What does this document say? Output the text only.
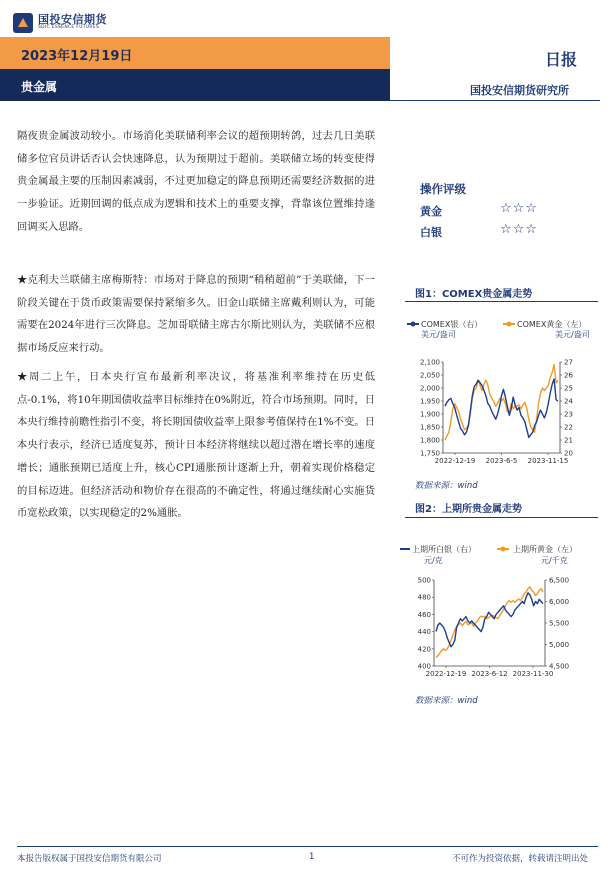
国投安信期货
SDIC ESSENCE FUTURES
2023年12月19日	日报
贵金属	国投安信期货研究所
隔夜贵金属波动较小。市场消化美联储利率会议的超预期转鸽，过去几日美联储多位官员讲话否认会快速降息，认为预期过于超前。美联储立场的转变使得贵金属最主要的压制因素减弱，不过更加稳定的降息预期还需要经济数据的进一步验证。近期回调的低点成为逻辑和技术上的重要支撑，背靠该位置维持逢回调买入思路。
★克利夫兰联储主席梅斯特：市场对于降息的预期“稍稍超前”于美联储，下一阶段关键在于货币政策需要保持紧缩多久。旧金山联储主席戴利则认为，可能需要在2024年进行三次降息。芝加哥联储主席古尔斯比则认为，美联储不应根据市场反应来行动。
★周二上午，日本央行宣布最新利率决议，将基准利率维持在历史低点-0.1%，将10年期国债收益率目标维持在0%附近，符合市场预期。同时，日本央行维持前瞻性指引不变，将长期国债收益率上限参考值保持在1%不变。日本央行表示，经济已适度复苏，预计日本经济将继续以超过潜在增长率的速度增长；通胀预期已适度上升，核心CPI通胀预计逐渐上升，朝着实现价格稳定的目标迈进。但经济活动和物价存在很高的不确定性，将通过继续耐心实施货币宽松政策，以实现稳定的2%通胀。
操作评级
黄金	☆☆☆
白银	☆☆☆
图1：COMEX贵金属走势
COMEX银（右）	COMEX黄金（左）
美元/盎司	美元/盎司
1,750
1,800
1,850
1,900
1,950
2,000
2,050
2,100
20
21
22
23
24
25
26
27
2022-12-19 2023-6-5 2023-11-15
数据来源：wind
图2：上期所贵金属走势
上期所白银（右）	上期所黄金（左）
元/克	元/千克
400
420
440
460
480
500
4,500
5,000
5,500
6,000
6,500
2022-12-19 2023-6-12 2023-11-30
数据来源：wind
本报告版权属于国投安信期货有限公司	1	不可作为投资依据，转载请注明出处
